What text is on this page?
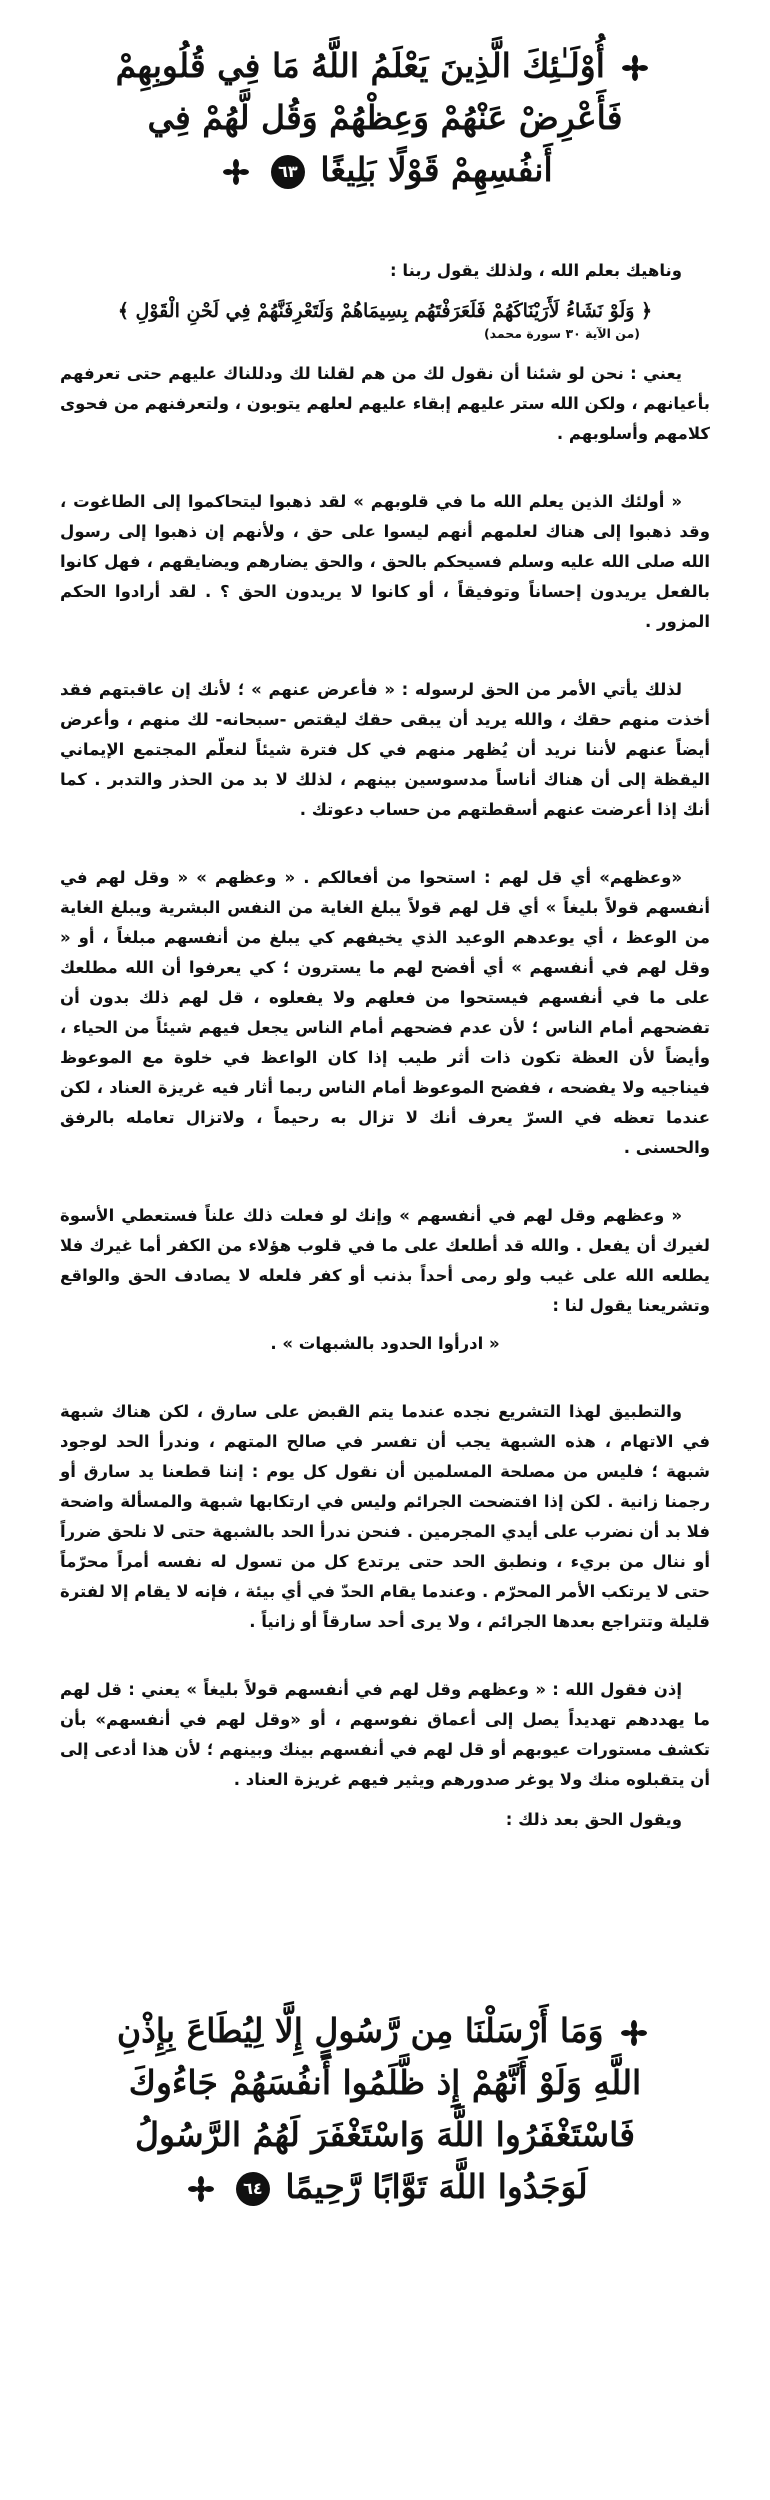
أُوْلَـٰئِكَ الَّذِينَ يَعْلَمُ اللَّهُ مَا فِي قُلُوبِهِمْ
فَأَعْرِضْ عَنْهُمْ وَعِظْهُمْ وَقُل لَّهُمْ فِي
أَنفُسِهِمْ قَوْلًا بَلِيغًا ٦٣

وناهيك بعلم الله ، ولذلك يقول ربنا :

﴿ وَلَوْ نَشَاءُ لَأَرَيْنَاكَهُمْ فَلَعَرَفْتَهُم بِسِيمَاهُمْ وَلَتَعْرِفَنَّهُمْ فِي لَحْنِ الْقَوْلِ ﴾
(من الآية ٣٠ سورة محمد)

يعني : نحن لو شئنا أن نقول لك من هم لقلنا لك ودللناك عليهم حتى تعرفهم بأعيانهم ، ولكن الله ستر عليهم إبقاء عليهم لعلهم يتوبون ، ولتعرفنهم من فحوى كلامهم وأسلوبهم .

« أولئك الذين يعلم الله ما في قلوبهم » لقد ذهبوا ليتحاكموا إلى الطاغوت ، وقد ذهبوا إلى هناك لعلمهم أنهم ليسوا على حق ، ولأنهم إن ذهبوا إلى رسول الله صلى الله عليه وسلم فسيحكم بالحق ، والحق يضارهم ويضايقهم ، فهل كانوا بالفعل يريدون إحساناً وتوفيقاً ، أو كانوا لا يريدون الحق ؟ . لقد أرادوا الحكم المزور .

لذلك يأتي الأمر من الحق لرسوله : « فأعرض عنهم » ؛ لأنك إن عاقبتهم فقد أخذت منهم حقك ، والله يريد أن يبقى حقك ليقتص -سبحانه- لك منهم ، وأعرض أيضاً عنهم لأننا نريد أن يُظهر منهم في كل فترة شيئاً لنعلّم المجتمع الإيماني اليقظة إلى أن هناك أناساً مدسوسين بينهم ، لذلك لا بد من الحذر والتدبر . كما أنك إذا أعرضت عنهم أسقطتهم من حساب دعوتك .

«وعظهم» أي قل لهم : استحوا من أفعالكم . « وعظهم » « وقل لهم في أنفسهم قولاً بليغاً » أي قل لهم قولاً يبلغ الغاية من النفس البشرية ويبلغ الغاية من الوعظ ، أي يوعدهم الوعيد الذي يخيفهم كي يبلغ من أنفسهم مبلغاً ، أو « وقل لهم في أنفسهم » أي أفضح لهم ما يسترون ؛ كي يعرفوا أن الله مطلعك على ما في أنفسهم فيستحوا من فعلهم ولا يفعلوه ، قل لهم ذلك بدون أن تفضحهم أمام الناس ؛ لأن عدم فضحهم أمام الناس يجعل فيهم شيئاً من الحياء ، وأيضاً لأن العظة تكون ذات أثر طيب إذا كان الواعظ في خلوة مع الموعوظ فيناجيه ولا يفضحه ، ففضح الموعوظ أمام الناس ربما أثار فيه غريزة العناد ، لكن عندما تعظه في السرّ يعرف أنك لا تزال به رحيماً ، ولاتزال تعامله بالرفق والحسنى .

« وعظهم وقل لهم في أنفسهم » وإنك لو فعلت ذلك علناً فستعطي الأسوة لغيرك أن يفعل . والله قد أطلعك على ما في قلوب هؤلاء من الكفر أما غيرك فلا يطلعه الله على غيب ولو رمى أحداً بذنب أو كفر فلعله لا يصادف الحق والواقع وتشريعنا يقول لنا :

« ادرأوا الحدود بالشبهات » .

والتطبيق لهذا التشريع نجده عندما يتم القبض على سارق ، لكن هناك شبهة في الاتهام ، هذه الشبهة يجب أن تفسر في صالح المتهم ، وندرأ الحد لوجود شبهة ؛ فليس من مصلحة المسلمين أن نقول كل يوم : إننا قطعنا يد سارق أو رجمنا زانية . لكن إذا افتضحت الجرائم وليس في ارتكابها شبهة والمسألة واضحة فلا بد أن نضرب على أيدي المجرمين . فنحن ندرأ الحد بالشبهة حتى لا نلحق ضرراً أو ننال من بريء ، ونطبق الحد حتى يرتدع كل من تسول له نفسه أمراً محرّماً حتى لا يرتكب الأمر المحرّم . وعندما يقام الحدّ في أي بيئة ، فإنه لا يقام إلا لفترة قليلة وتتراجع بعدها الجرائم ، ولا يرى أحد سارقاً أو زانياً .

إذن فقول الله : « وعظهم وقل لهم في أنفسهم قولاً بليغاً » يعني : قل لهم ما يهددهم تهديداً يصل إلى أعماق نفوسهم ، أو «وقل لهم في أنفسهم» بأن تكشف مستورات عيوبهم أو قل لهم في أنفسهم بينك وبينهم ؛ لأن هذا أدعى إلى أن يتقبلوه منك ولا يوغر صدورهم ويثير فيهم غريزة العناد .

ويقول الحق بعد ذلك :

وَمَا أَرْسَلْنَا مِن رَّسُولٍ إِلَّا لِيُطَاعَ بِإِذْنِ
اللَّهِ وَلَوْ أَنَّهُمْ إِذ ظَّلَمُوا أَنفُسَهُمْ جَاءُوكَ
فَاسْتَغْفَرُوا اللَّهَ وَاسْتَغْفَرَ لَهُمُ الرَّسُولُ
لَوَجَدُوا اللَّهَ تَوَّابًا رَّحِيمًا ٦٤
